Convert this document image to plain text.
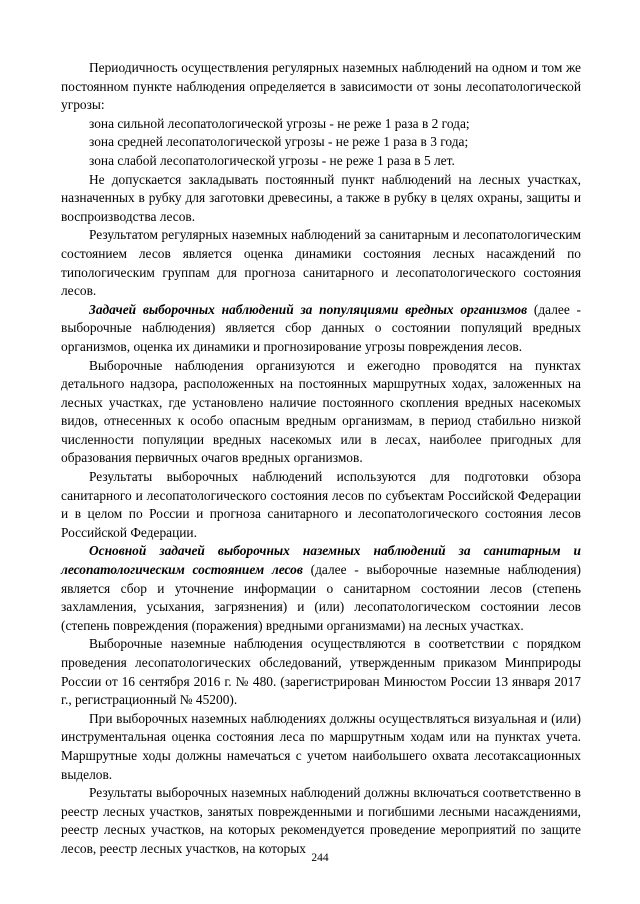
Периодичность осуществления регулярных наземных наблюдений на одном и том же постоянном пункте наблюдения определяется в зависимости от зоны лесопатологической угрозы:

зона сильной лесопатологической угрозы - не реже 1 раза в 2 года;

зона средней лесопатологической угрозы - не реже 1 раза в 3 года;

зона слабой лесопатологической угрозы - не реже 1 раза в 5 лет.

Не допускается закладывать постоянный пункт наблюдений на лесных участках, назначенных в рубку для заготовки древесины, а также в рубку в целях охраны, защиты и воспроизводства лесов.

Результатом регулярных наземных наблюдений за санитарным и лесопатологическим состоянием лесов является оценка динамики состояния лесных насаждений по типологическим группам для прогноза санитарного и лесопатологического состояния лесов.

Задачей выборочных наблюдений за популяциями вредных организмов (далее - выборочные наблюдения) является сбор данных о состоянии популяций вредных организмов, оценка их динамики и прогнозирование угрозы повреждения лесов.

Выборочные наблюдения организуются и ежегодно проводятся на пунктах детального надзора, расположенных на постоянных маршрутных ходах, заложенных на лесных участках, где установлено наличие постоянного скопления вредных насекомых видов, отнесенных к особо опасным вредным организмам, в период стабильно низкой численности популяции вредных насекомых или в лесах, наиболее пригодных для образования первичных очагов вредных организмов.

Результаты выборочных наблюдений используются для подготовки обзора санитарного и лесопатологического состояния лесов по субъектам Российской Федерации и в целом по России и прогноза санитарного и лесопатологического состояния лесов Российской Федерации.

Основной задачей выборочных наземных наблюдений за санитарным и лесопатологическим состоянием лесов (далее - выборочные наземные наблюдения) является сбор и уточнение информации о санитарном состоянии лесов (степень захламления, усыхания, загрязнения) и (или) лесопатологическом состоянии лесов (степень повреждения (поражения) вредными организмами) на лесных участках.

Выборочные наземные наблюдения осуществляются в соответствии с порядком проведения лесопатологических обследований, утвержденным приказом Минприроды России от 16 сентября 2016 г. № 480. (зарегистрирован Минюстом России 13 января 2017 г., регистрационный № 45200).

При выборочных наземных наблюдениях должны осуществляться визуальная и (или) инструментальная оценка состояния леса по маршрутным ходам или на пунктах учета. Маршрутные ходы должны намечаться с учетом наибольшего охвата лесотаксационных выделов.

Результаты выборочных наземных наблюдений должны включаться соответственно в реестр лесных участков, занятых поврежденными и погибшими лесными насаждениями, реестр лесных участков, на которых рекомендуется проведение мероприятий по защите лесов, реестр лесных участков, на которых

244
